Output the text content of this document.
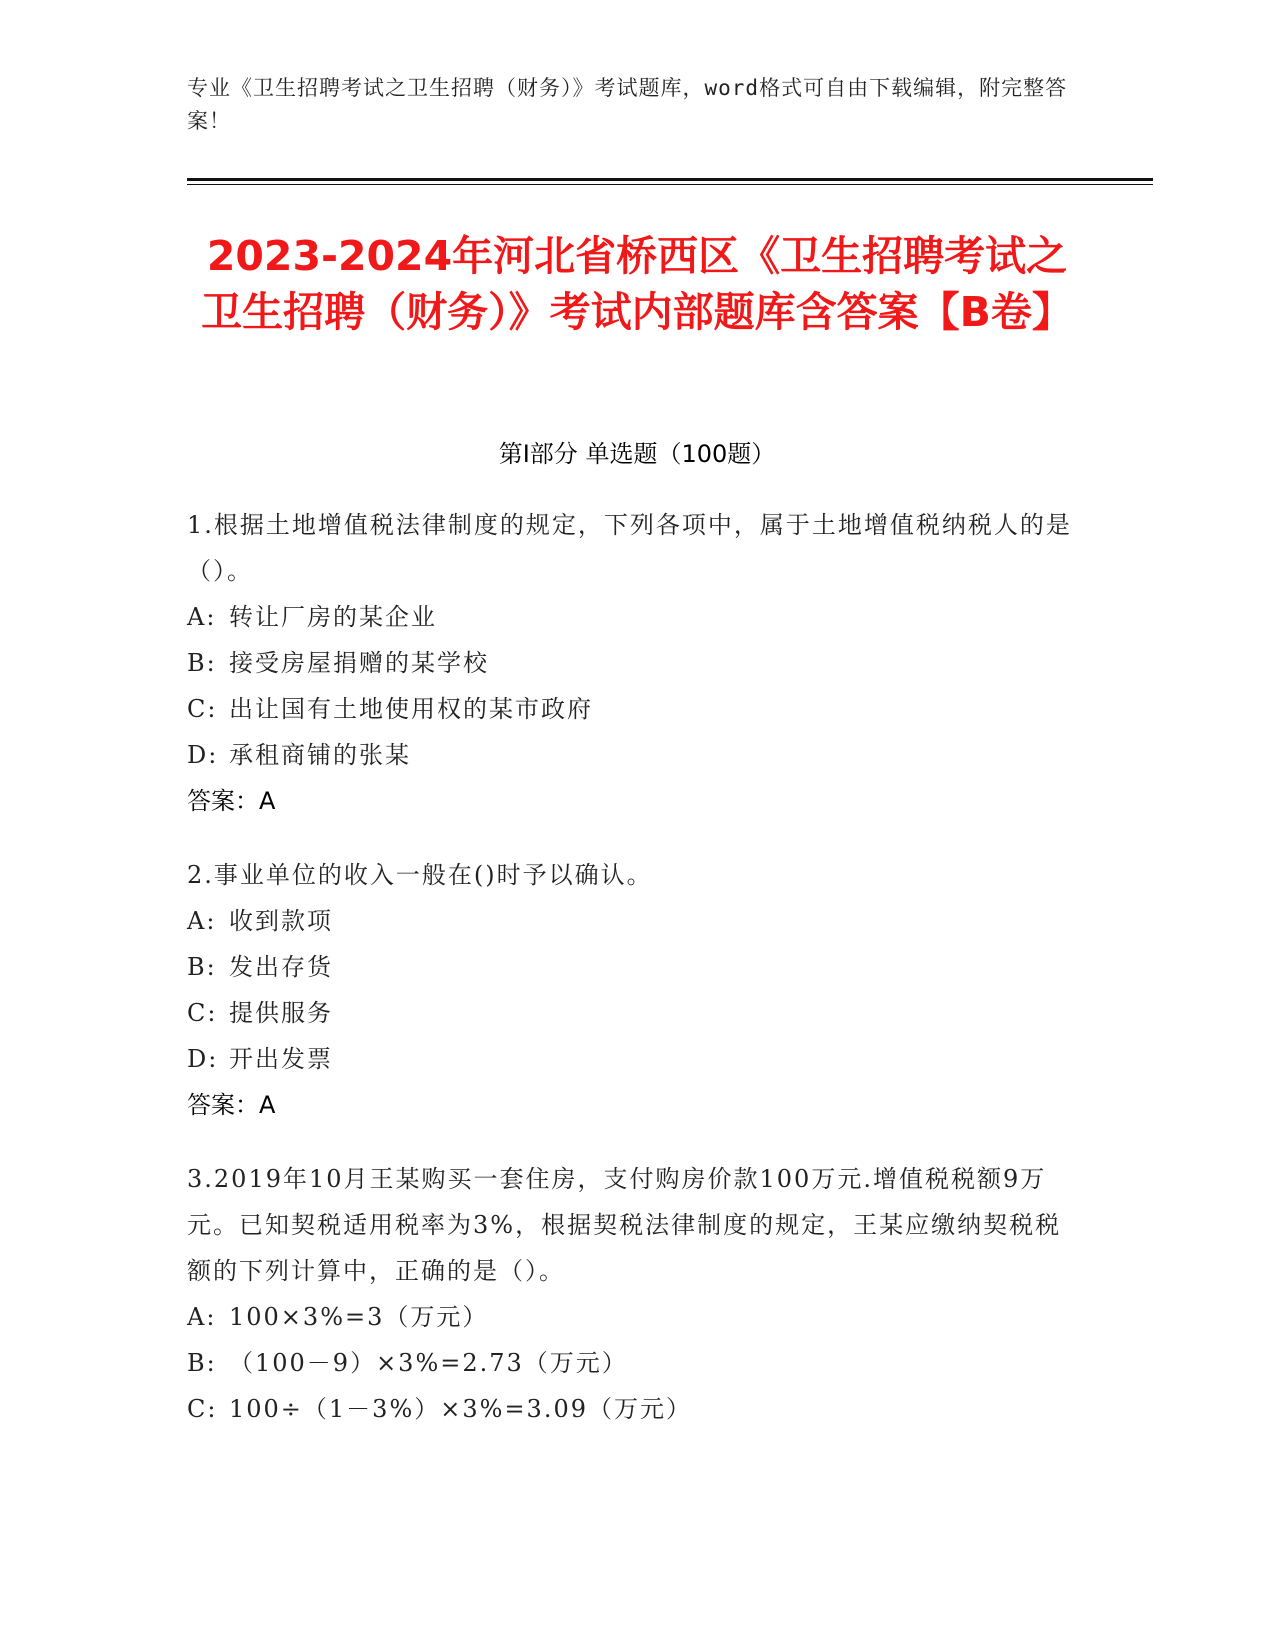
专业《卫生招聘考试之卫生招聘（财务）》考试题库，word格式可自由下载编辑，附完整答案！
2023-2024年河北省桥西区《卫生招聘考试之卫生招聘（财务）》考试内部题库含答案【B卷】
第I部分 单选题（100题）
1.根据土地增值税法律制度的规定，下列各项中，属于土地增值税纳税人的是（）。
A: 转让厂房的某企业
B: 接受房屋捐赠的某学校
C: 出让国有土地使用权的某市政府
D: 承租商铺的张某
答案：A
2.事业单位的收入一般在()时予以确认。
A: 收到款项
B: 发出存货
C: 提供服务
D: 开出发票
答案：A
3.2019年10月王某购买一套住房，支付购房价款100万元.增值税税额9万元。已知契税适用税率为3%，根据契税法律制度的规定，王某应缴纳契税税额的下列计算中，正确的是（）。
A: 100×3%=3（万元）
B: （100－9）×3%=2.73（万元）
C: 100÷（1－3%）×3%=3.09（万元）
